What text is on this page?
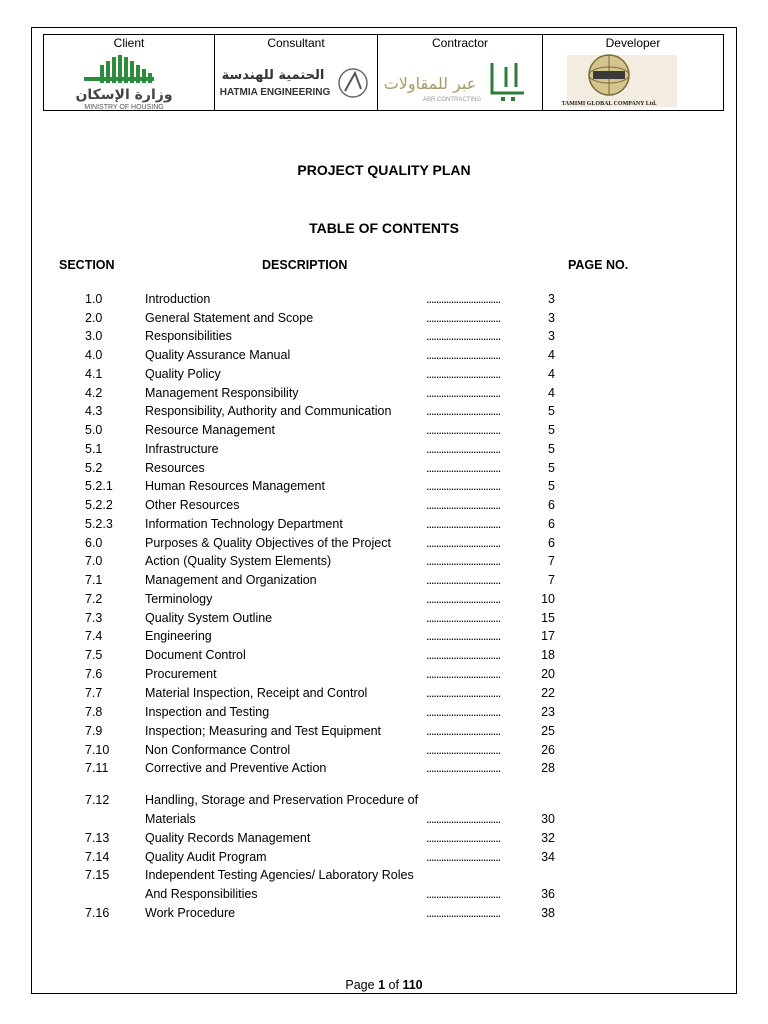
Client
وزارة الإسكان
MINISTRY OF HOUSING
Consultant
الحتمية للهندسة
HATMIA ENGINEERING
Contractor
عبر للمقاولات
ABR CONTRACTING
Developer
TAMIMI GLOBAL COMPANY Ltd.
PROJECT QUALITY PLAN
TABLE OF CONTENTS
SECTION	DESCRIPTION	PAGE NO.
1.0	Introduction	..............................	3
2.0	General Statement and Scope	..............................	3
3.0	Responsibilities	..............................	3
4.0	Quality Assurance Manual	..............................	4
4.1	Quality Policy	..............................	4
4.2	Management Responsibility	..............................	4
4.3	Responsibility, Authority and Communication	..............................	5
5.0	Resource Management	..............................	5
5.1	Infrastructure	..............................	5
5.2	Resources	..............................	5
5.2.1	Human Resources Management	..............................	5
5.2.2	Other Resources	..............................	6
5.2.3	Information Technology Department	..............................	6
6.0	Purposes & Quality Objectives of the Project	..............................	6
7.0	Action (Quality System Elements)	..............................	7
7.1	Management and Organization	..............................	7
7.2	Terminology	..............................	10
7.3	Quality System Outline	..............................	15
7.4	Engineering	..............................	17
7.5	Document Control	..............................	18
7.6	Procurement	..............................	20
7.7	Material Inspection, Receipt and Control	..............................	22
7.8	Inspection and Testing	..............................	23
7.9	Inspection; Measuring and Test Equipment	..............................	25
7.10	Non Conformance Control	..............................	26
7.11	Corrective and Preventive Action	..............................	28
7.12	Handling, Storage and Preservation Procedure of
Materials	..............................	30
7.13	Quality Records Management	..............................	32
7.14	Quality Audit Program	..............................	34
7.15	Independent Testing Agencies/ Laboratory Roles
And Responsibilities	..............................	36
7.16	Work Procedure	..............................	38
Page 1 of 110
